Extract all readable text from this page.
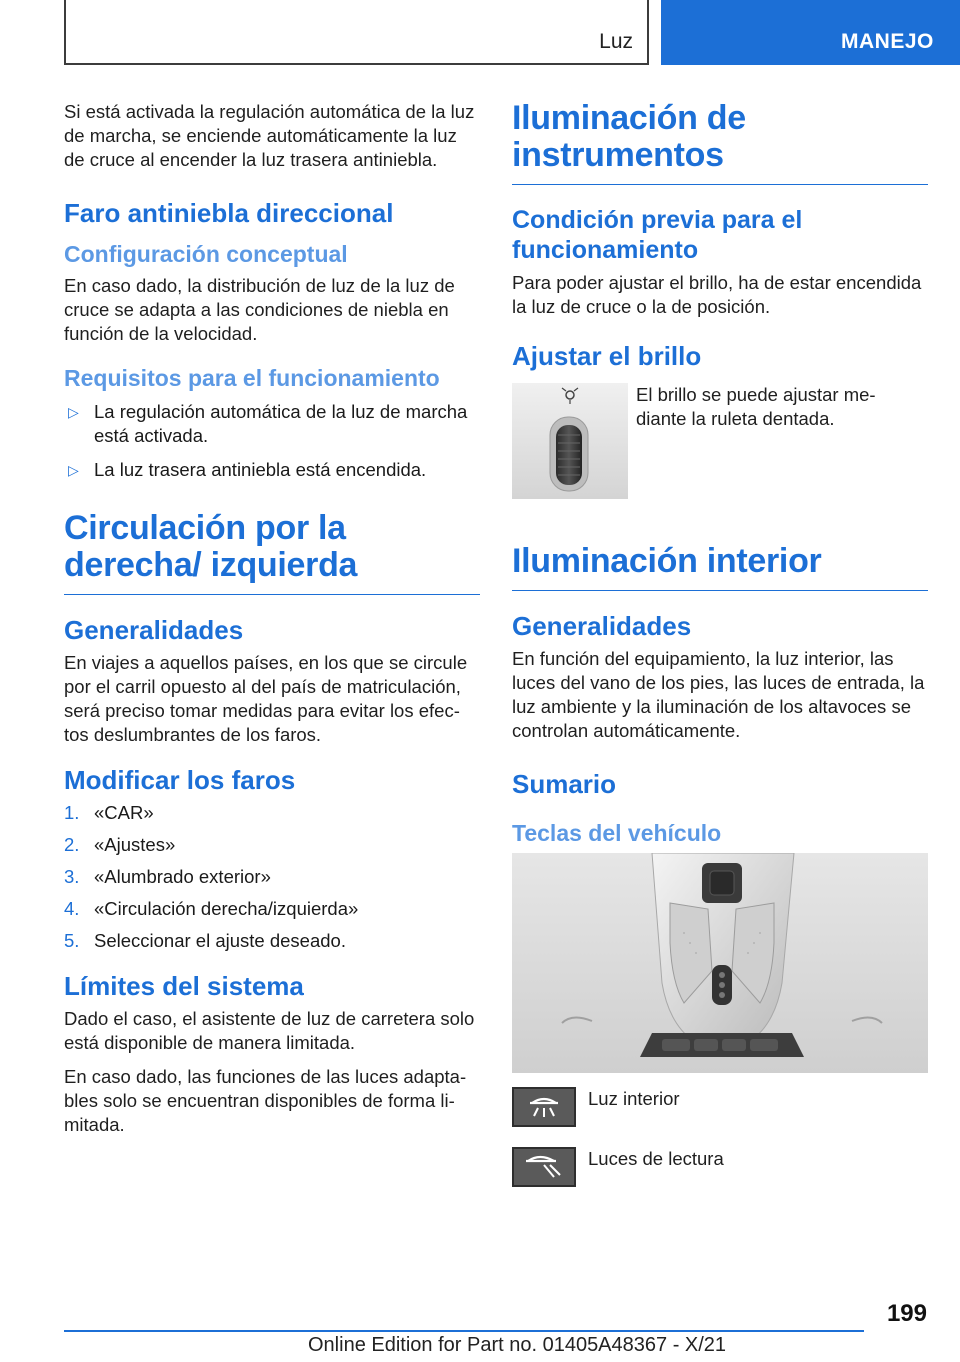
Luz	MANEJO

Si está activada la regulación automática de la luz de marcha, se enciende automáticamente la luz de cruce al encender la luz trasera antiniebla.

Faro antiniebla direccional
Configuración conceptual

En caso dado, la distribución de luz de la luz de cruce se adapta a las condiciones de niebla en función de la velocidad.

Requisitos para el funcionamiento
▷ La regulación automática de la luz de marcha está activada.
▷ La luz trasera antiniebla está encendida.
Circulación por la derecha/ izquierda
Generalidades

En viajes a aquellos países, en los que se circule por el carril opuesto al del país de matriculación, será preciso tomar medidas para evitar los efec‐ tos deslumbrantes de los faros.

Modificar los faros
1. «CAR»
2. «Ajustes»
3. «Alumbrado exterior»
4. «Circulación derecha/izquierda»
5. Seleccionar el ajuste deseado.
Límites del sistema

Dado el caso, el asistente de luz de carretera solo está disponible de manera limitada.

En caso dado, las funciones de las luces adapta‐ bles solo se encuentran disponibles de forma li‐ mitada.

Iluminación de instrumentos
Condición previa para el funcionamiento

Para poder ajustar el brillo, ha de estar encendida la luz de cruce o la de posición.

Ajustar el brillo

El brillo se puede ajustar me‐ diante la ruleta dentada.

Iluminación interior
Generalidades

En función del equipamiento, la luz interior, las luces del vano de los pies, las luces de entrada, la luz ambiente y la iluminación de los altavoces se controlan automáticamente.

Sumario
Teclas del vehículo

Luz interior

Luces de lectura

199
Online Edition for Part no. 01405A48367 - X/21
